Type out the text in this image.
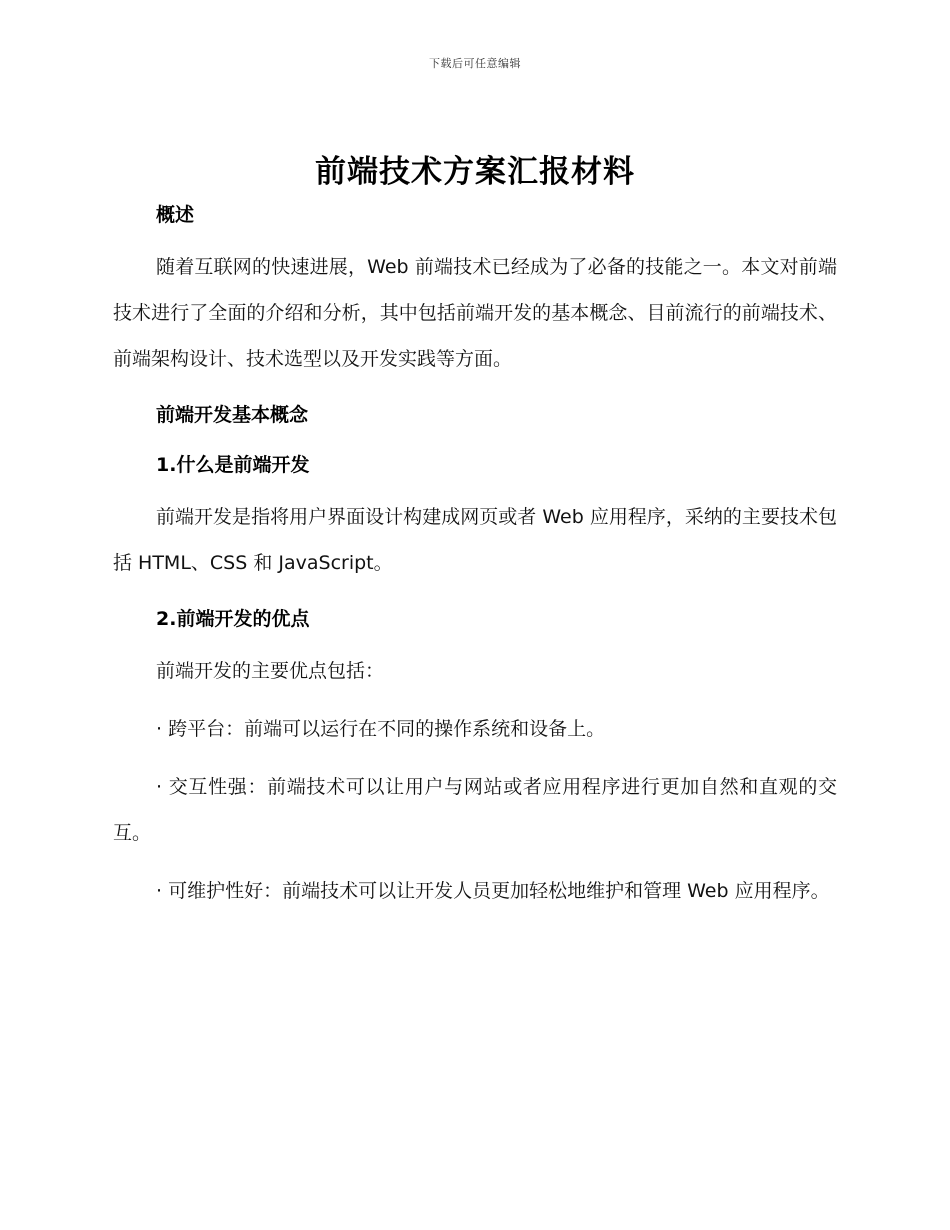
下载后可任意编辑
前端技术方案汇报材料
概述

随着互联网的快速进展，Web 前端技术已经成为了必备的技能之一。本文对前端技术进行了全面的介绍和分析，其中包括前端开发的基本概念、目前流行的前端技术、前端架构设计、技术选型以及开发实践等方面。

前端开发基本概念
1.什么是前端开发

前端开发是指将用户界面设计构建成网页或者 Web 应用程序，采纳的主要技术包括 HTML、CSS 和 JavaScript。

2.前端开发的优点

前端开发的主要优点包括：

· 跨平台：前端可以运行在不同的操作系统和设备上。

· 交互性强：前端技术可以让用户与网站或者应用程序进行更加自然和直观的交互。

· 可维护性好：前端技术可以让开发人员更加轻松地维护和管理 Web 应用程序。
